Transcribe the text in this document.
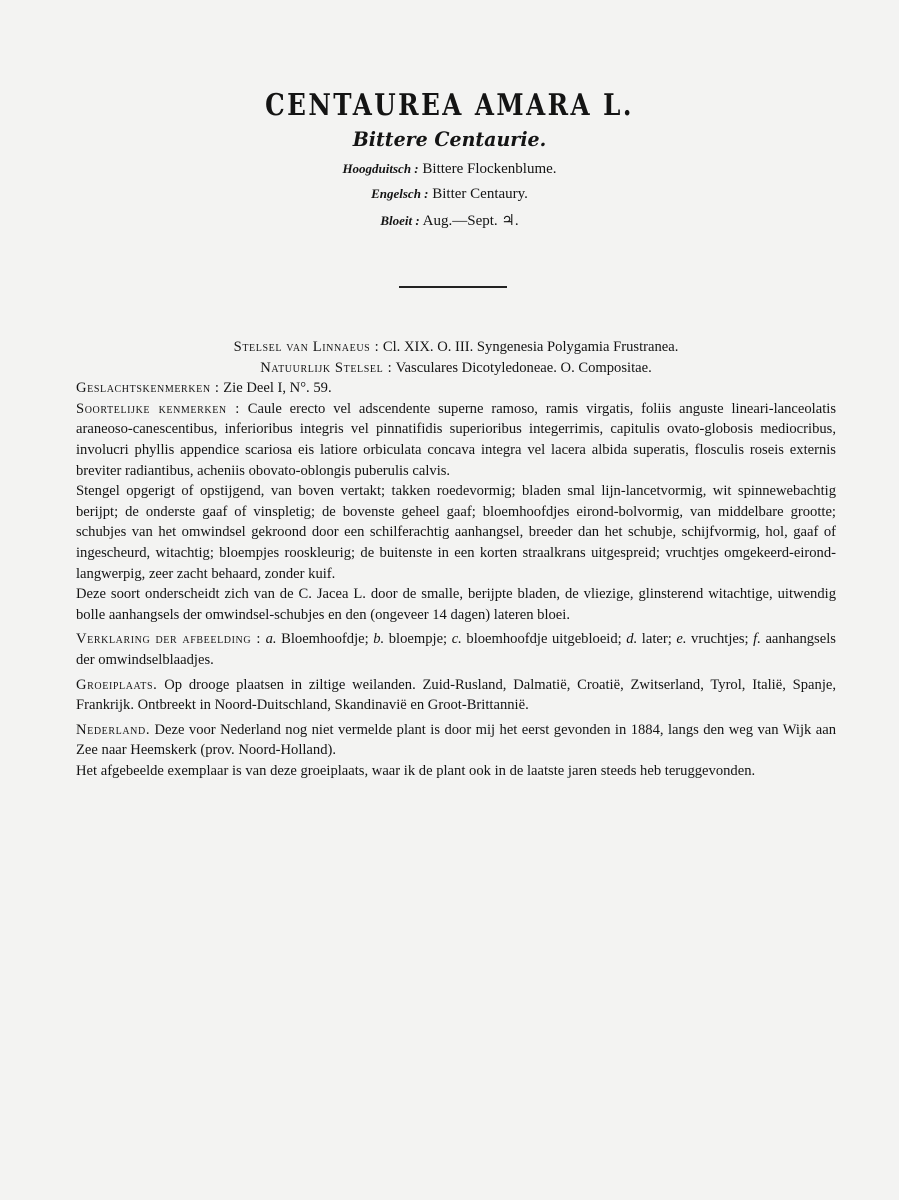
CENTAUREA AMARA L.
Bittere Centaurie.
Hoogduitsch : Bittere Flockenblume.
Engelsch : Bitter Centaury.
Bloeit : Aug.—Sept. ♃.

Stelsel van Linnaeus : Cl. XIX. O. III. Syngenesia Polygamia Frustranea.

Natuurlijk Stelsel : Vasculares Dicotyledoneae. O. Compositae.

Geslachtskenmerken : Zie Deel I, N°. 59.

Soortelijke kenmerken : Caule erecto vel adscendente superne ramoso, ramis virgatis, foliis anguste lineari-lanceolatis araneoso-canescentibus, inferioribus integris vel pinnatifidis superioribus integerrimis, capitulis ovato-globosis mediocribus, involucri phyllis appendice scariosa eis latiore orbiculata concava integra vel lacera albida superatis, flosculis roseis externis breviter radiantibus, acheniis obovato-oblongis puberulis calvis.

Stengel opgerigt of opstijgend, van boven vertakt; takken roedevormig; bladen smal lijn-lancetvormig, wit spinnewebachtig berijpt; de onderste gaaf of vinspletig; de bovenste geheel gaaf; bloemhoofdjes eirond-bolvormig, van middelbare grootte; schubjes van het omwindsel gekroond door een schilferachtig aanhangsel, breeder dan het schubje, schijfvormig, hol, gaaf of ingescheurd, witachtig; bloempjes rooskleurig; de buitenste in een korten straalkrans uitgespreid; vruchtjes omgekeerd-eirond-langwerpig, zeer zacht behaard, zonder kuif.

Deze soort onderscheidt zich van de C. Jacea L. door de smalle, berijpte bladen, de vliezige, glinsterend witachtige, uitwendig bolle aanhangsels der omwindsel-schubjes en den (ongeveer 14 dagen) lateren bloei.

Verklaring der afbeelding : a. Bloemhoofdje; b. bloempje; c. bloemhoofdje uitgebloeid; d. later; e. vruchtjes; f. aanhangsels der omwindselblaadjes.

Groeiplaats. Op drooge plaatsen in ziltige weilanden. Zuid-Rusland, Dalmatië, Croatië, Zwitserland, Tyrol, Italië, Spanje, Frankrijk. Ontbreekt in Noord-Duitschland, Skandinavië en Groot-Brittannië.

Nederland. Deze voor Nederland nog niet vermelde plant is door mij het eerst gevonden in 1884, langs den weg van Wijk aan Zee naar Heemskerk (prov. Noord-Holland).

Het afgebeelde exemplaar is van deze groeiplaats, waar ik de plant ook in de laatste jaren steeds heb teruggevonden.
